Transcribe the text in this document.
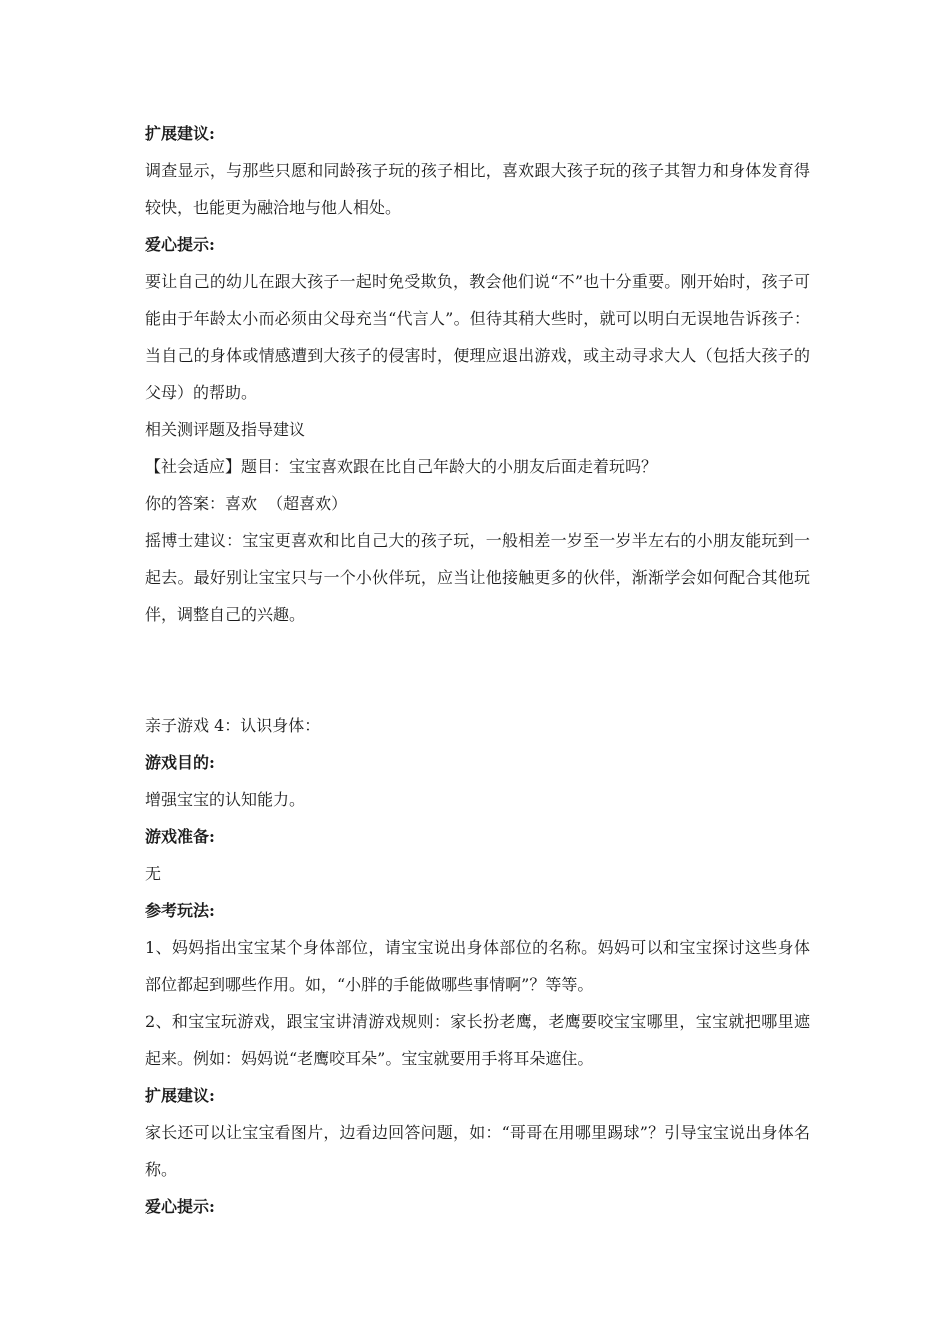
扩展建议:

调查显示，与那些只愿和同龄孩子玩的孩子相比，喜欢跟大孩子玩的孩子其智力和身体发育得较快，也能更为融洽地与他人相处。

爱心提示:

要让自己的幼儿在跟大孩子一起时免受欺负，教会他们说“不”也十分重要。刚开始时，孩子可能由于年龄太小而必须由父母充当“代言人”。但待其稍大些时，就可以明白无误地告诉孩子：当自己的身体或情感遭到大孩子的侵害时，便理应退出游戏，或主动寻求大人（包括大孩子的父母）的帮助。

相关测评题及指导建议

【社会适应】题目：宝宝喜欢跟在比自己年龄大的小朋友后面走着玩吗？

你的答案：喜欢  （超喜欢）

摇博士建议：宝宝更喜欢和比自己大的孩子玩，一般相差一岁至一岁半左右的小朋友能玩到一起去。最好别让宝宝只与一个小伙伴玩，应当让他接触更多的伙伴，渐渐学会如何配合其他玩伴，调整自己的兴趣。

亲子游戏 4：认识身体：

游戏目的:

增强宝宝的认知能力。

游戏准备:

无

参考玩法:

1、妈妈指出宝宝某个身体部位，请宝宝说出身体部位的名称。妈妈可以和宝宝探讨这些身体部位都起到哪些作用。如，“小胖的手能做哪些事情啊”？等等。

2、和宝宝玩游戏，跟宝宝讲清游戏规则：家长扮老鹰，老鹰要咬宝宝哪里，宝宝就把哪里遮起来。例如：妈妈说“老鹰咬耳朵”。宝宝就要用手将耳朵遮住。

扩展建议:

家长还可以让宝宝看图片，边看边回答问题，如：“哥哥在用哪里踢球”？引导宝宝说出身体名称。

爱心提示:
